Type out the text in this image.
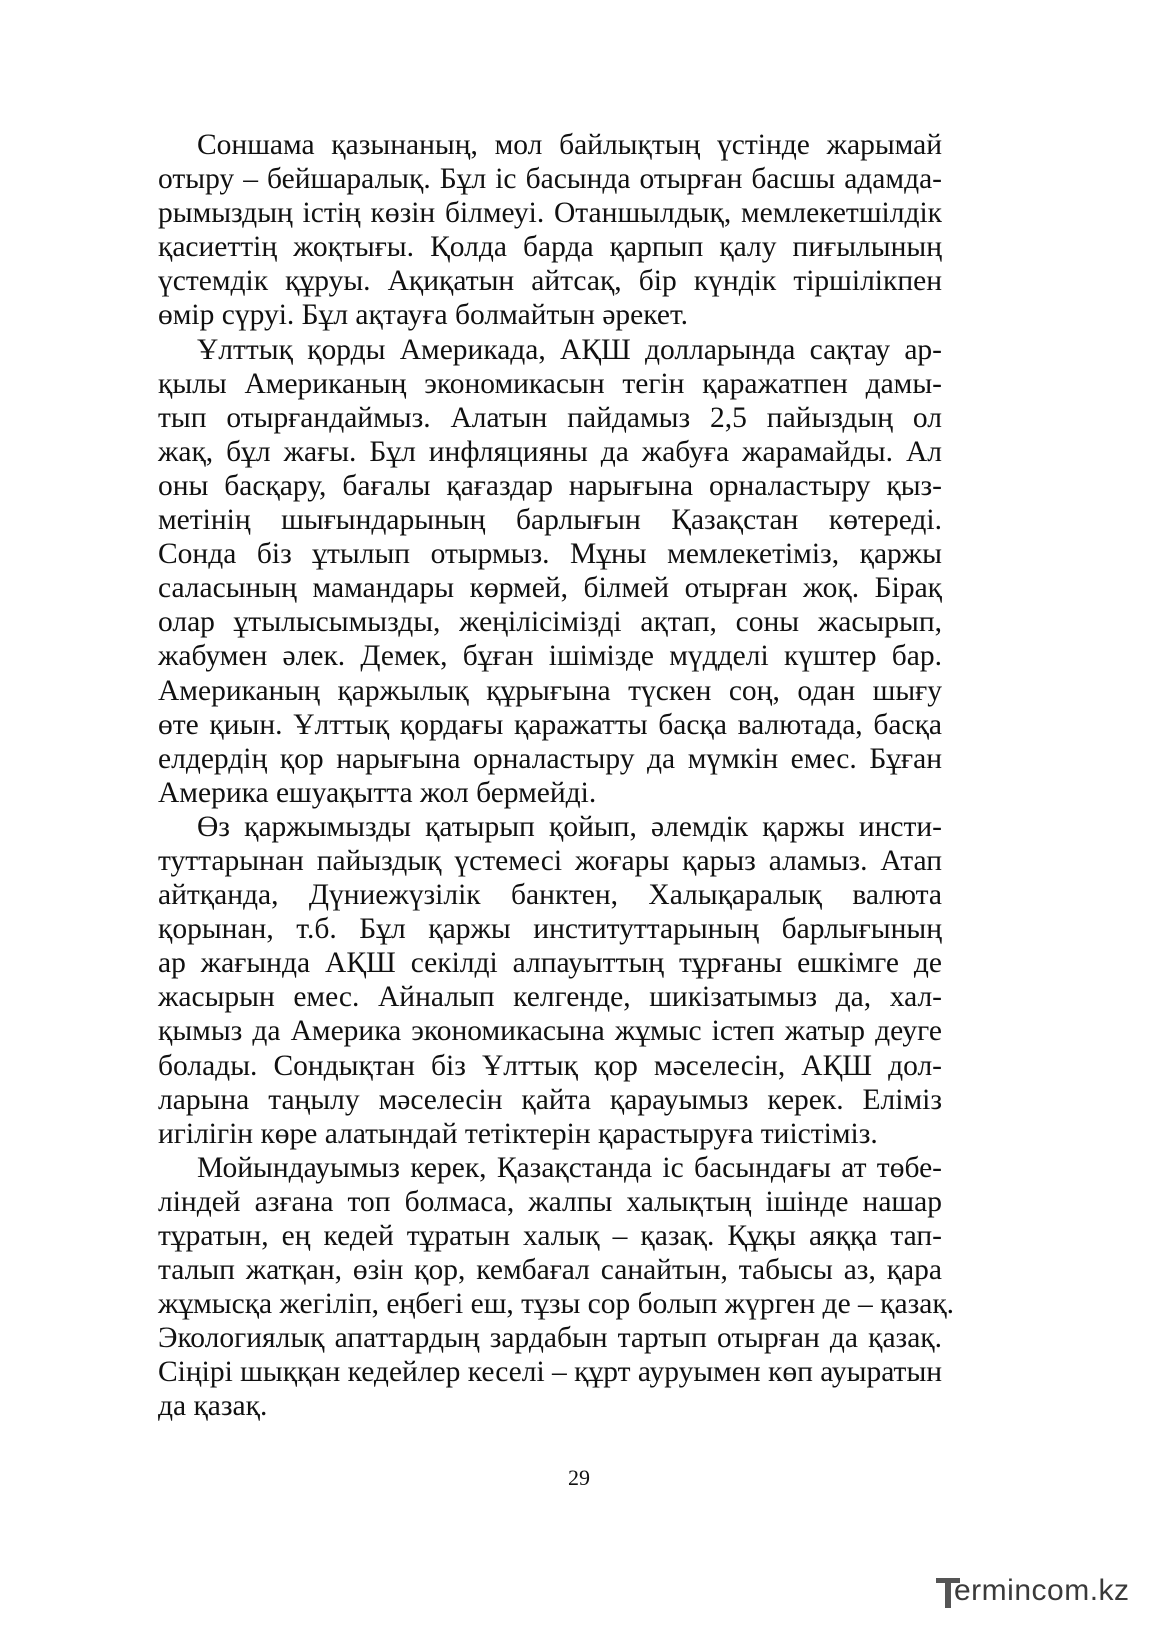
Соншама қазынаның, мол байлықтың үстінде жарымай
отыру – бейшаралық. Бұл іс басында отырған басшы адамда-
рымыздың істің көзін білмеуі. Отаншылдық, мемлекетшілдік
қасиеттің жоқтығы. Қолда барда қарпып қалу пиғылының
үстемдік құруы. Ақиқатын айтсақ, бір күндік тіршілікпен
өмір сүруі. Бұл ақтауға болмайтын әрекет.
Ұлттық қорды Америкада, АҚШ долларында сақтау ар-
қылы Американың экономикасын тегін қаражатпен дамы-
тып отырғандаймыз. Алатын пайдамыз 2,5 пайыздың ол
жақ, бұл жағы. Бұл инфляцияны да жабуға жарамайды. Ал
оны басқару, бағалы қағаздар нарығына орналастыру қыз-
метінің шығындарының барлығын Қазақстан көтереді.
Сонда біз ұтылып отырмыз. Мұны мемлекетіміз, қаржы
саласының мамандары көрмей, білмей отырған жоқ. Бірақ
олар ұтылысымызды, жеңілісімізді ақтап, соны жасырып,
жабумен әлек. Демек, бұған ішімізде мүдделі күштер бар.
Американың қаржылық құрығына түскен соң, одан шығу
өте қиын. Ұлттық қордағы қаражатты басқа валютада, басқа
елдердің қор нарығына орналастыру да мүмкін емес. Бұған
Америка ешуақытта жол бермейді.
Өз қаржымызды қатырып қойып, әлемдік қаржы инсти-
туттарынан пайыздық үстемесі жоғары қарыз аламыз. Атап
айтқанда, Дүниежүзілік банктен, Халықаралық валюта
қорынан, т.б. Бұл қаржы институттарының барлығының
ар жағында АҚШ секілді алпауыттың тұрғаны ешкімге де
жасырын емес. Айналып келгенде, шикізатымыз да, хал-
қымыз да Америка экономикасына жұмыс істеп жатыр деуге
болады. Сондықтан біз Ұлттық қор мәселесін, АҚШ дол-
ларына таңылу мәселесін қайта қарауымыз керек. Еліміз
игілігін көре алатындай тетіктерін қарастыруға тиістіміз.
Мойындауымыз керек, Қазақстанда іс басындағы ат төбе-
ліндей азғана топ болмаса, жалпы халықтың ішінде нашар
тұратын, ең кедей тұратын халық – қазақ. Құқы аяққа тап-
талып жатқан, өзін қор, кембағал санайтын, табысы аз, қара
жұмысқа жегіліп, еңбегі еш, тұзы сор болып жүрген де – қазақ.
Экологиялық апаттардың зардабын тартып отырған да қазақ.
Сіңірі шыққан кедейлер кеселі – құрт ауруымен көп ауыратын
да қазақ.
29
ermincom.kz
